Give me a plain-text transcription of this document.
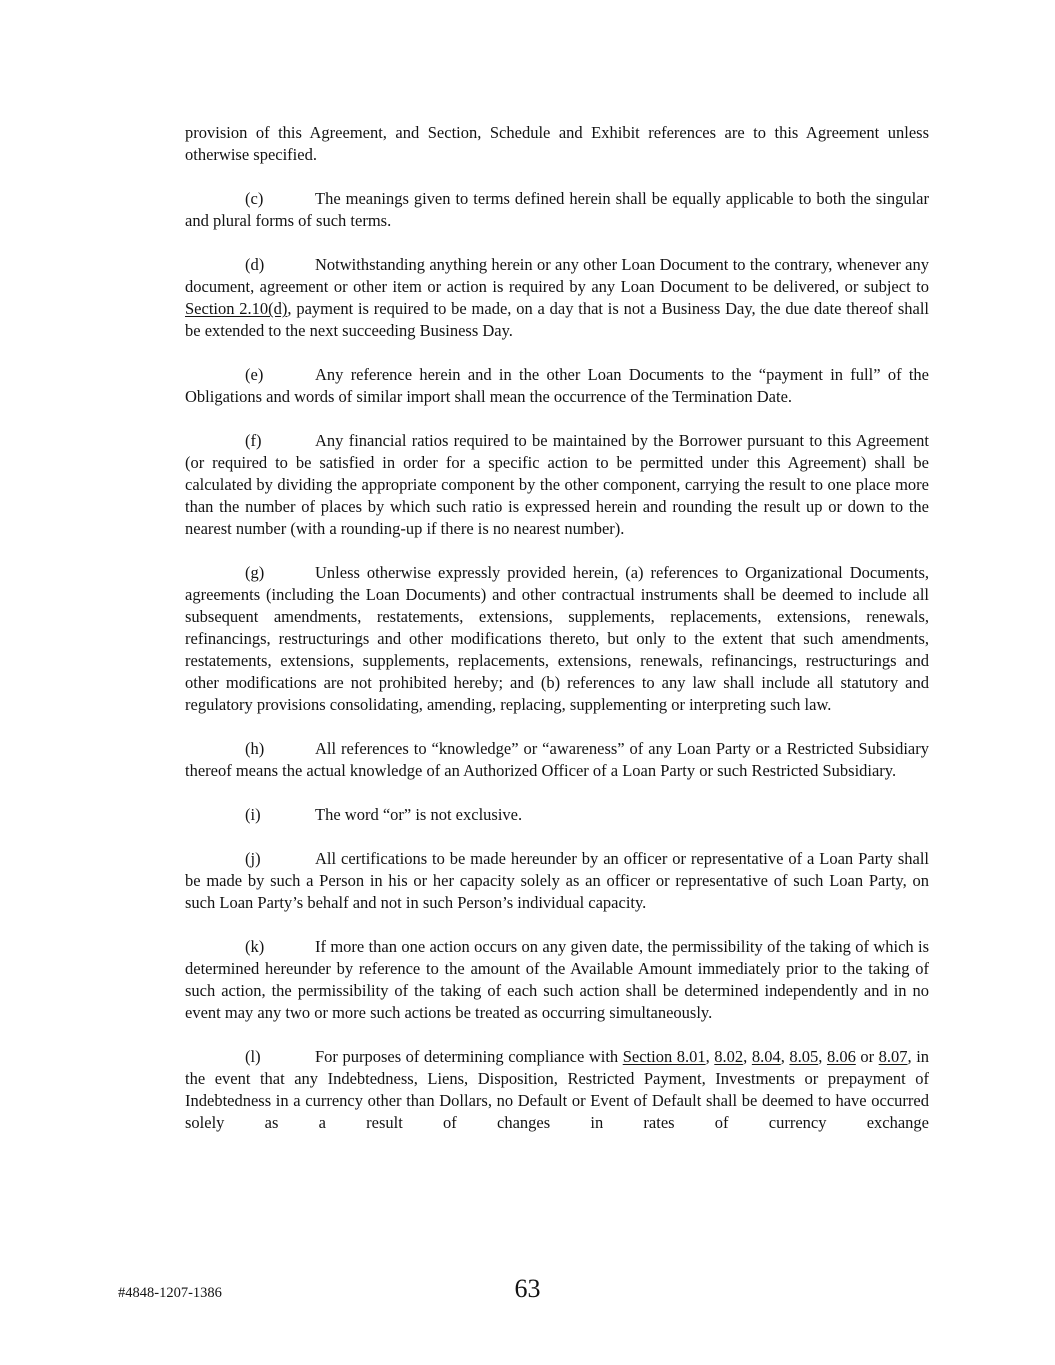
provision of this Agreement, and Section, Schedule and Exhibit references are to this Agreement unless otherwise specified.

(c)	The meanings given to terms defined herein shall be equally applicable to both the singular and plural forms of such terms.

(d)	Notwithstanding anything herein or any other Loan Document to the contrary, whenever any document, agreement or other item or action is required by any Loan Document to be delivered, or subject to Section 2.10(d), payment is required to be made, on a day that is not a Business Day, the due date thereof shall be extended to the next succeeding Business Day.

(e)	Any reference herein and in the other Loan Documents to the “payment in full” of the Obligations and words of similar import shall mean the occurrence of the Termination Date.

(f)	Any financial ratios required to be maintained by the Borrower pursuant to this Agreement (or required to be satisfied in order for a specific action to be permitted under this Agreement) shall be calculated by dividing the appropriate component by the other component, carrying the result to one place more than the number of places by which such ratio is expressed herein and rounding the result up or down to the nearest number (with a rounding-up if there is no nearest number).

(g)	Unless otherwise expressly provided herein, (a) references to Organizational Documents, agreements (including the Loan Documents) and other contractual instruments shall be deemed to include all subsequent amendments, restatements, extensions, supplements, replacements, extensions, renewals, refinancings, restructurings and other modifications thereto, but only to the extent that such amendments, restatements, extensions, supplements, replacements, extensions, renewals, refinancings, restructurings and other modifications are not prohibited hereby; and (b) references to any law shall include all statutory and regulatory provisions consolidating, amending, replacing, supplementing or interpreting such law.

(h)	All references to “knowledge” or “awareness” of any Loan Party or a Restricted Subsidiary thereof means the actual knowledge of an Authorized Officer of a Loan Party or such Restricted Subsidiary.

(i)	The word “or” is not exclusive.

(j)	All certifications to be made hereunder by an officer or representative of a Loan Party shall be made by such a Person in his or her capacity solely as an officer or representative of such Loan Party, on such Loan Party’s behalf and not in such Person’s individual capacity.

(k)	If more than one action occurs on any given date, the permissibility of the taking of which is determined hereunder by reference to the amount of the Available Amount immediately prior to the taking of such action, the permissibility of the taking of each such action shall be determined independently and in no event may any two or more such actions be treated as occurring simultaneously.

(l)	For purposes of determining compliance with Section 8.01, 8.02, 8.04, 8.05, 8.06 or 8.07, in the event that any Indebtedness, Liens, Disposition, Restricted Payment, Investments or prepayment of Indebtedness in a currency other than Dollars, no Default or Event of Default shall be deemed to have occurred solely as a result of changes in rates of currency exchange

#4848-1207-1386	63
